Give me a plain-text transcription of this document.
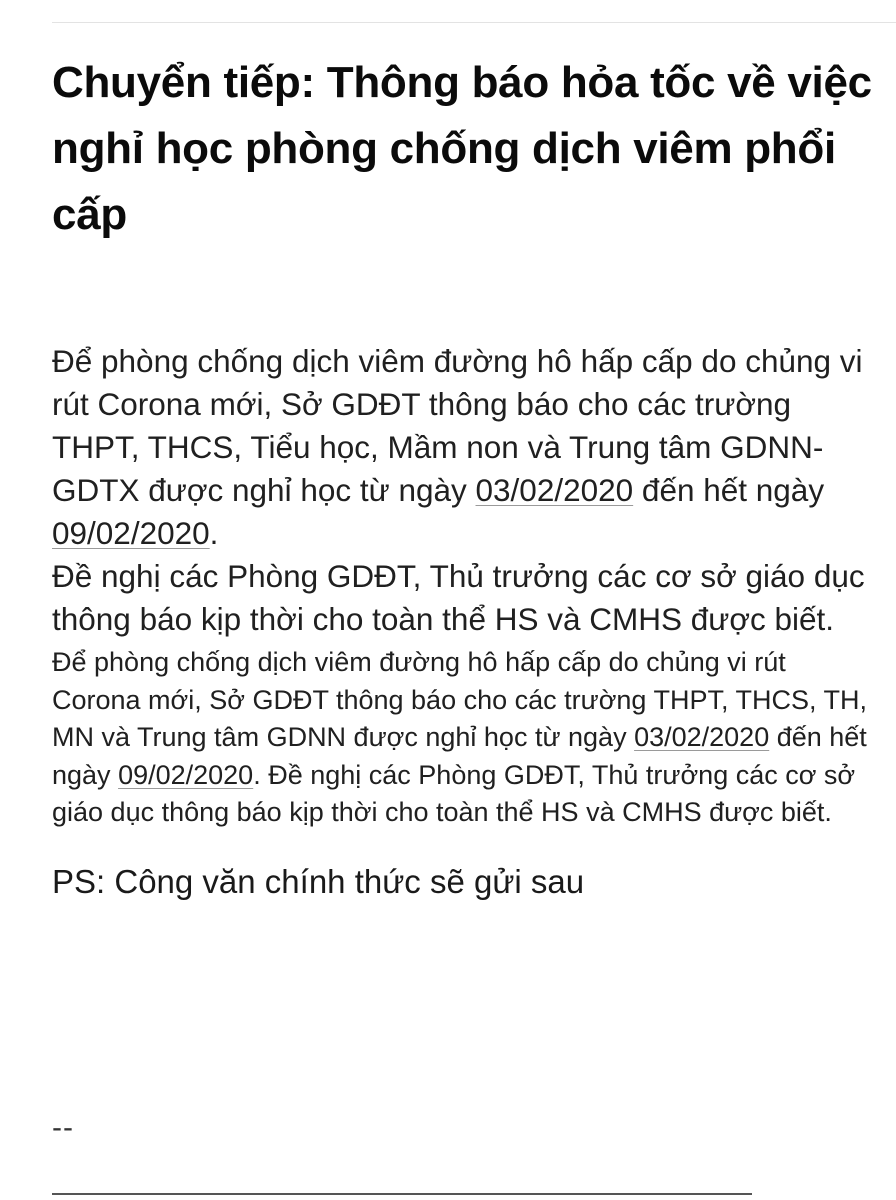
Chuyển tiếp: Thông báo hỏa tốc về việc nghỉ học phòng chống dịch viêm phổi cấp

Để phòng chống dịch viêm đường hô hấp cấp do chủng vi rút Corona mới, Sở GDĐT thông báo cho các trường THPT, THCS, Tiểu học, Mầm non và Trung tâm GDNN-GDTX được nghỉ học từ ngày 03/02/2020 đến hết ngày 09/02/2020.

Đề nghị các Phòng GDĐT, Thủ trưởng các cơ sở giáo dục thông báo kịp thời cho toàn thể HS và CMHS được biết.

Để phòng chống dịch viêm đường hô hấp cấp do chủng vi rút Corona mới, Sở GDĐT thông báo cho các trường THPT, THCS, TH, MN và Trung tâm GDNN được nghỉ học từ ngày 03/02/2020 đến hết ngày 09/02/2020. Đề nghị các Phòng GDĐT, Thủ trưởng các cơ sở giáo dục thông báo kịp thời cho toàn thể HS và CMHS được biết.

PS: Công văn chính thức sẽ gửi sau

--
